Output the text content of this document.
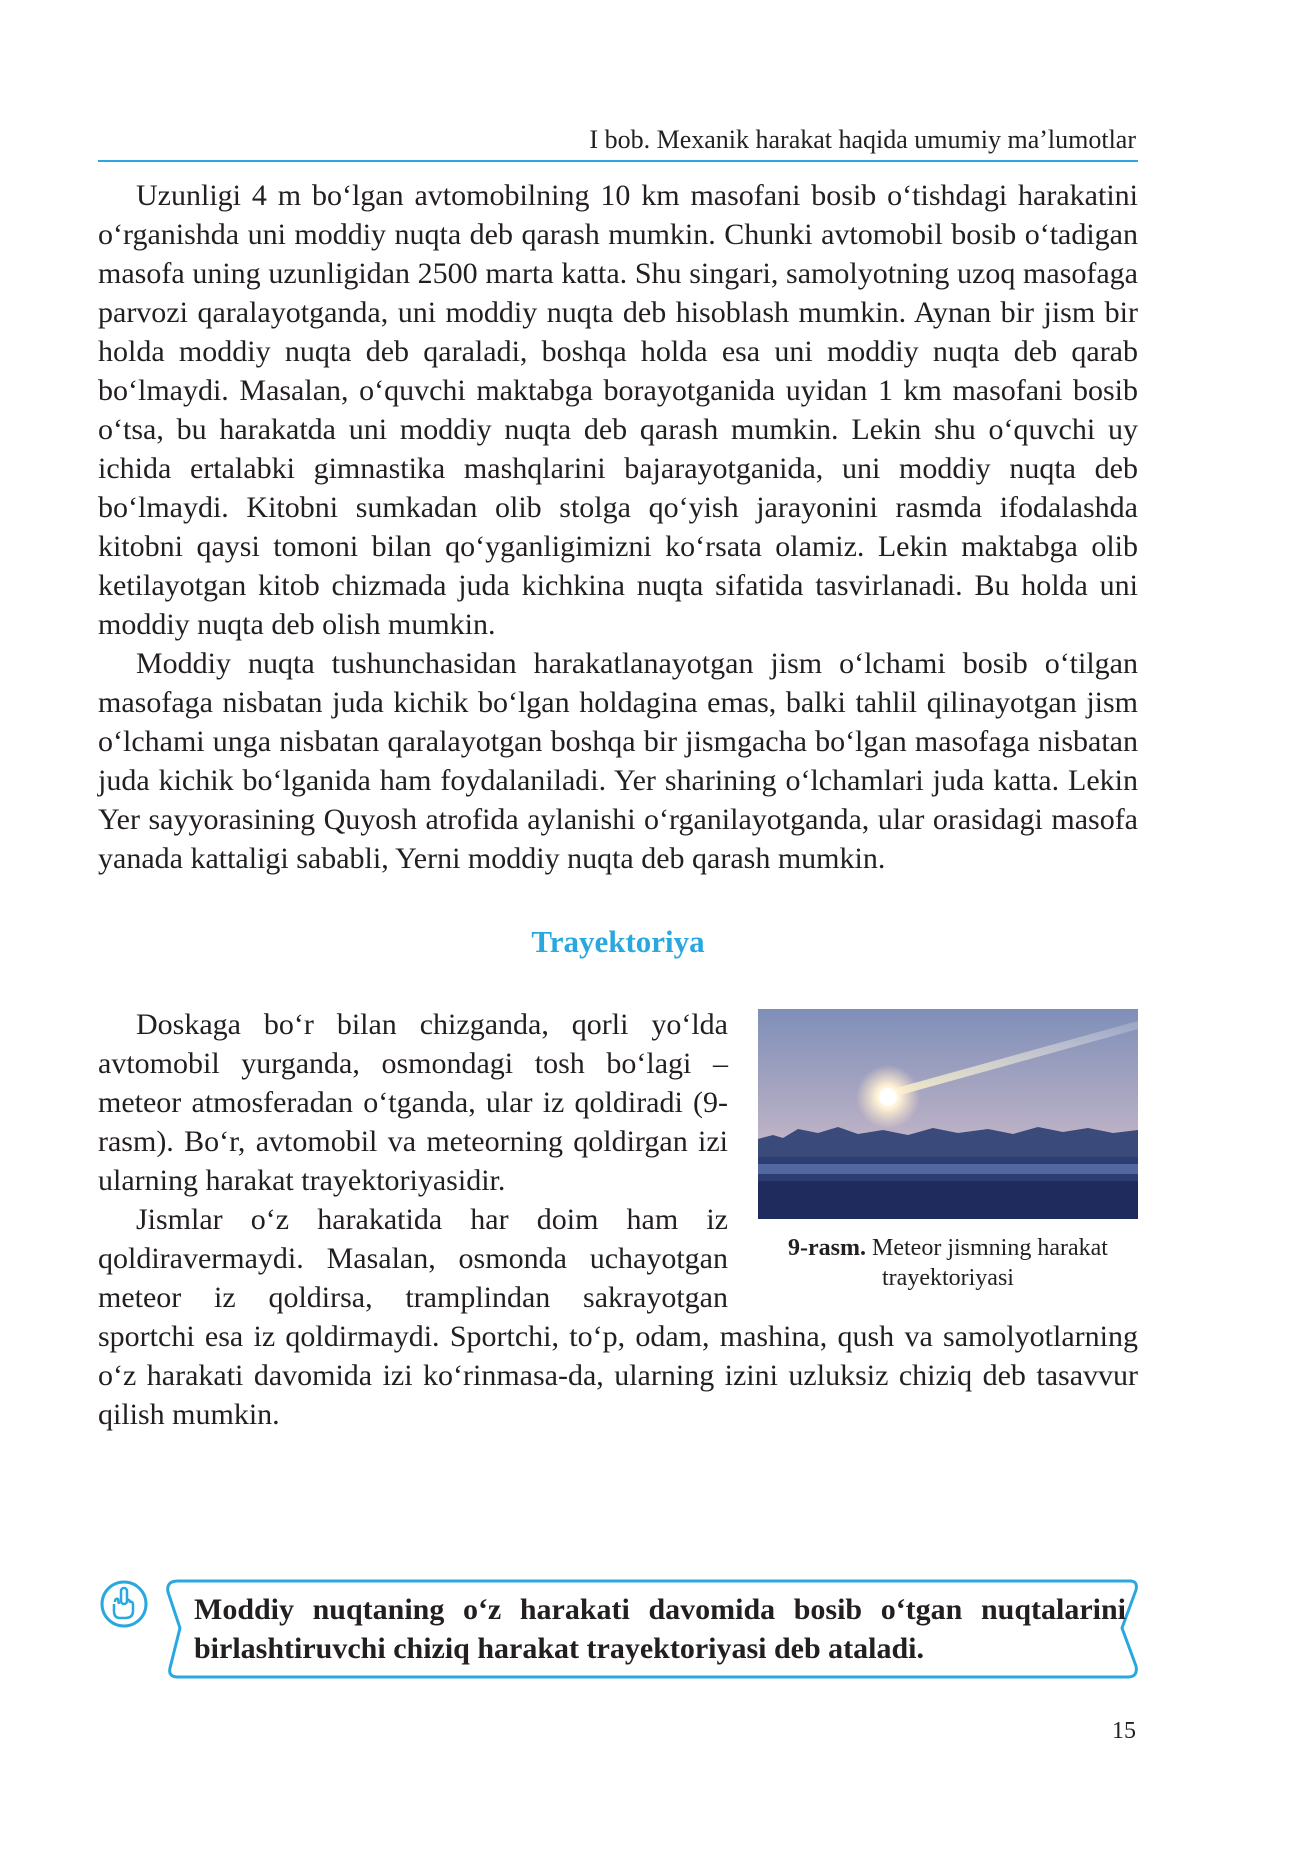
I bob. Mexanik harakat haqida umumiy ma’lumotlar

Uzunligi 4 m bo‘lgan avtomobilning 10 km masofani bosib o‘tishdagi harakatini o‘rganishda uni moddiy nuqta deb qarash mumkin. Chunki avtomobil bosib o‘tadigan masofa uning uzunligidan 2500 marta katta. Shu singari, samolyotning uzoq masofaga parvozi qaralayotganda, uni moddiy nuqta deb hisoblash mumkin. Aynan bir jism bir holda moddiy nuqta deb qaraladi, boshqa holda esa uni moddiy nuqta deb qarab bo‘lmaydi. Masalan, o‘quvchi maktabga borayotganida uyidan 1 km masofani bosib o‘tsa, bu harakatda uni moddiy nuqta deb qarash mumkin. Lekin shu o‘quvchi uy ichida ertalabki gimnastika mashqlarini bajarayotganida, uni moddiy nuqta deb bo‘lmaydi. Kitobni sumkadan olib stolga qo‘yish jarayonini rasmda ifodalashda kitobni qaysi tomoni bilan qo‘yganligimizni ko‘rsata olamiz. Lekin maktabga olib ketilayotgan kitob chizmada juda kichkina nuqta sifatida tasvirlanadi. Bu holda uni moddiy nuqta deb olish mumkin.

Moddiy nuqta tushunchasidan harakatlanayotgan jism o‘lchami bosib o‘tilgan masofaga nisbatan juda kichik bo‘lgan holdagina emas, balki tahlil qilinayotgan jism o‘lchami unga nisbatan qaralayotgan boshqa bir jismgacha bo‘lgan masofaga nisbatan juda kichik bo‘lganida ham foydalaniladi. Yer sharining o‘lchamlari juda katta. Lekin Yer sayyorasining Quyosh atrofida aylanishi o‘rganilayotganda, ular orasidagi masofa yanada kattaligi sababli, Yerni moddiy nuqta deb qarash mumkin.

Trayektoriya
9-rasm. Meteor jismning harakat trayektoriyasi

Doskaga bo‘r bilan chizganda, qorli yo‘lda avtomobil yurganda, osmondagi tosh bo‘lagi – meteor atmosferadan o‘tganda, ular iz qoldiradi (9-rasm). Bo‘r, avtomobil va meteorning qoldirgan izi ularning harakat trayektoriyasidir.

Jismlar o‘z harakatida har doim ham iz qoldiravermaydi. Masalan, osmonda uchayotgan meteor iz qoldirsa, tramplindan sakrayotgan sportchi esa iz qoldirmaydi. Sportchi, to‘p, odam, mashina, qush va samolyotlarning o‘z harakati davomida izi ko‘rinmasa-da, ularning izini uzluksiz chiziq deb tasavvur qilish mumkin.

Moddiy nuqtaning o‘z harakati davomida bosib o‘tgan nuqtalarini birlashtiruvchi chiziq harakat trayektoriyasi deb ataladi.
15
